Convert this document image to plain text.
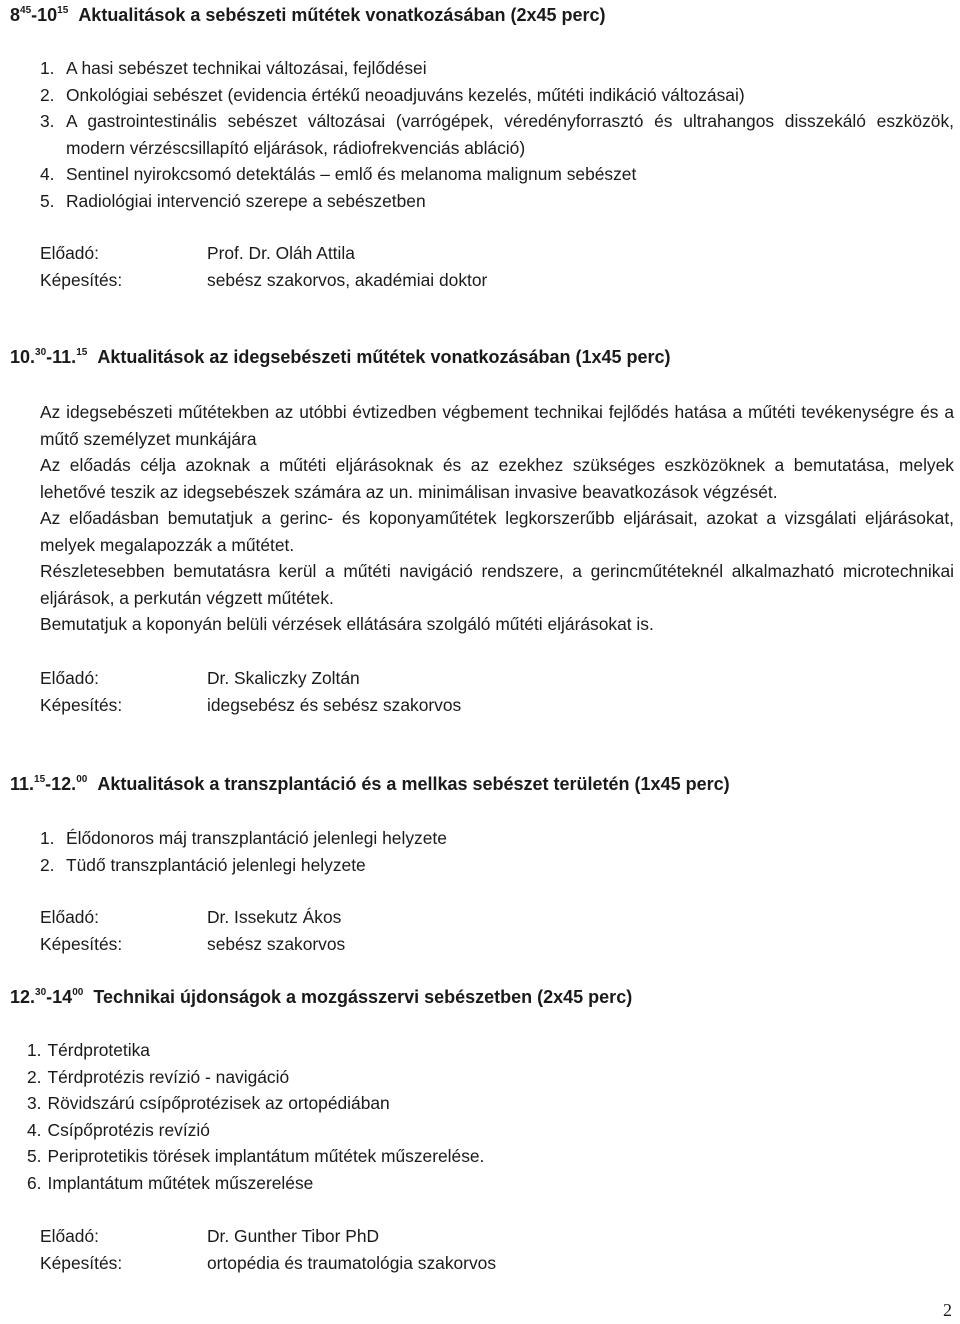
$8^{45}-10^{15}$ Aktualitások a sebészeti műtétek vonatkozásában (2x45 perc)
1. A hasi sebészet technikai változásai, fejlődései
2. Onkológiai sebészet (evidencia értékű neoadjuváns kezelés, műtéti indikáció változásai)
3. A gastrointestinális sebészet változásai (varrógépek, véredényforrasztó és ultrahangos disszekáló eszközök, modern vérzéscsillapító eljárások, rádiofrekvenciás abláció)
4. Sentinel nyirokcsomó detektálás – emlő és melanoma malignum sebészet
5. Radiológiai intervenció szerepe a sebészetben
Előadó:	Prof. Dr. Oláh Attila
Képesítés:	sebész szakorvos, akadémiai doktor
10.30-11.15 Aktualitások az idegsebészeti műtétek vonatkozásában (1x45 perc)

Az idegsebészeti műtétekben az utóbbi évtizedben végbement technikai fejlődés hatása a műtéti tevékenységre és a műtő személyzet munkájára

Az előadás célja azoknak a műtéti eljárásoknak és az ezekhez szükséges eszközöknek a bemutatása, melyek lehetővé teszik az idegsebészek számára az un. minimálisan invasive beavatkozások végzését.

Az előadásban bemutatjuk a gerinc- és koponyaműtétek legkorszerűbb eljárásait, azokat a vizsgálati eljárásokat, melyek megalapozzák a műtétet.

Részletesebben bemutatásra kerül a műtéti navigáció rendszere, a gerincműtéteknél alkalmazható microtechnikai eljárások, a perkután végzett műtétek.

Bemutatjuk a koponyán belüli vérzések ellátására szolgáló műtéti eljárásokat is.

Előadó:	Dr. Skaliczky Zoltán
Képesítés:	idegsebész és sebész szakorvos
11.15-12.00 Aktualitások a transzplantáció és a mellkas sebészet területén (1x45 perc)
1. Élődonoros máj transzplantáció jelenlegi helyzete
2. Tüdő transzplantáció jelenlegi helyzete
Előadó:	Dr. Issekutz Ákos
Képesítés:	sebész szakorvos
$12.30-14^{00}$ Technikai újdonságok a mozgásszervi sebészetben (2x45 perc)
1. Térdprotetika
2. Térdprotézis revízió - navigáció
3. Rövidszárú csípőprotézisek az ortopédiában
4. Csípőprotézis revízió
5. Periprotetikis törések implantátum műtétek műszerelése.
6. Implantátum műtétek műszerelése
Előadó:	Dr. Gunther Tibor PhD
Képesítés:	ortopédia és traumatológia szakorvos
2
